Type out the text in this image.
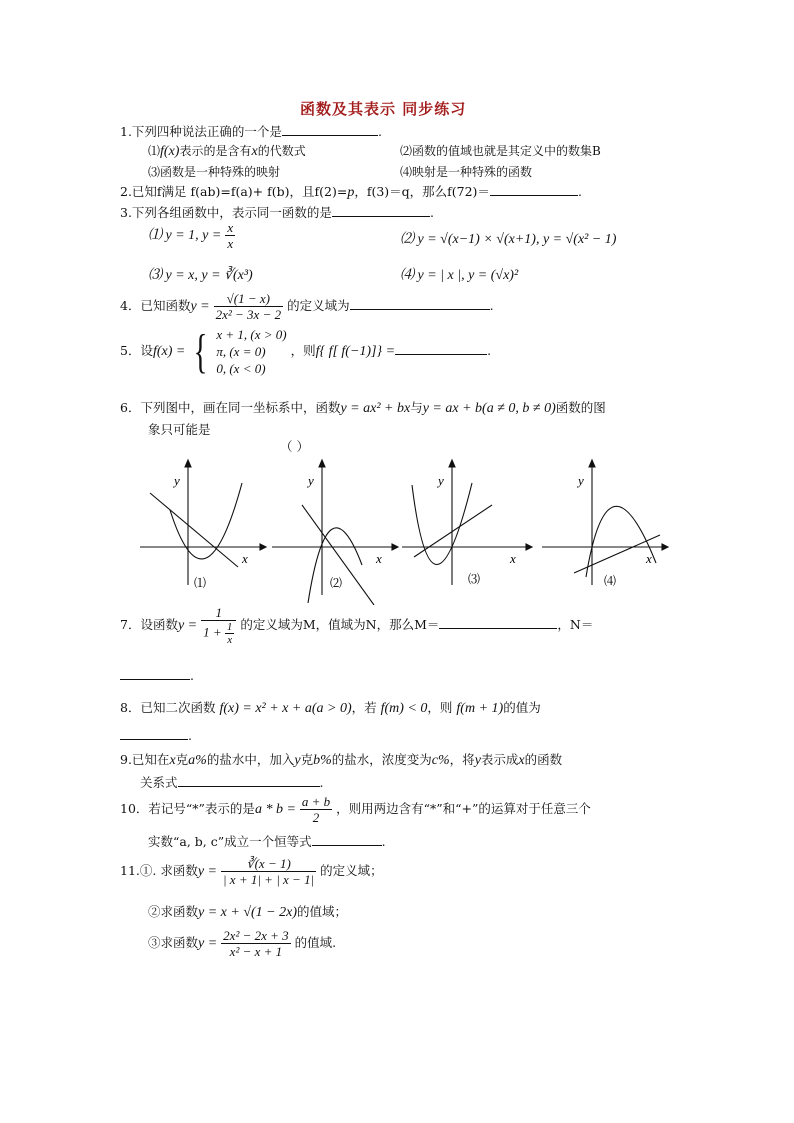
函数及其表示 同步练习
1.下列四种说法正确的一个是	.
⑴f(x)表示的是含有x的代数式	⑵函数的值域也就是其定义中的数集B
⑶函数是一种特殊的映射	⑷映射是一种特殊的函数
2.已知f满足 f(ab)=f(a)+ f(b)，且f(2)=p，f(3)＝q，那么f(72)＝	.
3.下列各组函数中，表示同一函数的是	.
⑴ y = 1, $y = \frac{x}{x}$	⑵ y = √(x−1) × √(x+1), y = √(x² − 1)
⑶ y = x, y = ∛(x³)	⑷ y = | x |, y = (√x)²
4．已知函数$y = \frac{√(1 - x)}{\text{2x² − 3x − 2}}$ 的定义域为	.
5．设f(x) = { x + 1, (x > 0)
π, (x = 0)
0, (x < 0)
，则f{ f[ f(−1)]} =	.
6．下列图中，画在同一坐标系中，函数y = ax² + bx与y = ax + b(a ≠ 0, b ≠ 0)函数的图
象只可能是
（ ）
y
x
⑴
y
x
⑵
y
x
⑶
y
x
⑷
7．设函数$y = \frac{1}{1 + \frac{1}{x}}$ 的定义域为M，值域为N，那么M＝	，N＝
.
8．已知二次函数 f(x) = x² + x + a(a > 0)，若 f(m) < 0，则 f(m + 1)的值为
.
9.已知在x克a%的盐水中，加入y克b%的盐水，浓度变为c%，将y表示成x的函数
关系式	.
10．若记号“*”表示的是$a * b = \frac{a + b}{2}$ ，则用两边含有“*”和“+”的运算对于任意三个
实数“a, b, c”成立一个恒等式	.
11.①. 求函数$y = \frac{∛(x - 1)}{| x + 1| + | x - 1|}$ 的定义域；
②求函数y = x + √(1 − 2x)的值域；
③求函数$y = \frac{\text{2x² − 2x + 3}}{\text{x² − x + 1}}$ 的值域.
